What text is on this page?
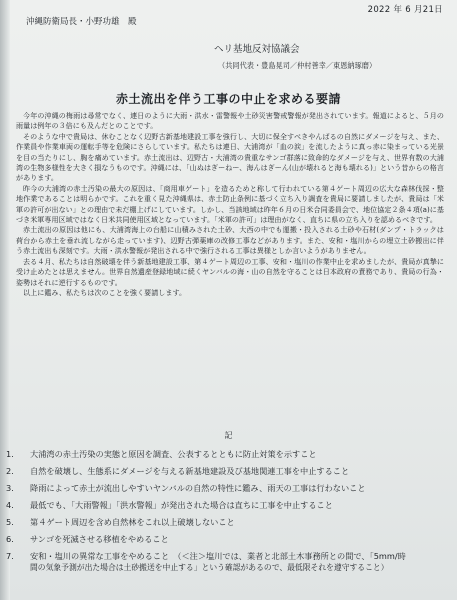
2022 年 6 月21日
沖縄防衛局長・小野功雄　殿
ヘリ基地反対協議会
（共同代表・豊島晃司／仲村善幸／東恩納琢磨）
赤土流出を伴う工事の中止を求める要請

今年の沖縄の梅雨は尋常でなく、連日のように大雨・洪水・雷警報や土砂災害警戒警報が発出されています。報道によると、５月の雨量は例年の３倍にも及んだとのことです。

そのような中で貴局は、休むことなく辺野古新基地建設工事を強行し、大切に保全すべきやんばるの自然にダメージを与え、また、作業員や作業車両の運転手等を危険にさらしています。私たちは連日、大浦湾が「血の涙」を流したように真っ赤に染まっている光景を目の当たりにし、胸を痛めています。赤土流出は、辺野古・大浦湾の貴重なサンゴ群落に致命的なダメージを与え、世界有数の大浦湾の生物多様性を大きく損なうものです。沖縄には、「山ぬはぎーねー、海んはぎーん(山が壊れると海も壊れる)」という昔からの格言があります。

昨今の大浦湾の赤土汚染の最大の原因は、「商用車ゲート」を造るためと称して行われている第４ゲート周辺の広大な森林伐採・整地作業であることは明らかです。これを重く見た沖縄県は、赤土防止条例に基づく立ち入り調査を貴局に要請しましたが、貴局は「米軍の許可が出ない」との理由で未だ棚上げにしています。しかし、当該地域は昨年６月の日米合同委員会で、地位協定２条４項(a)に基づき米軍専用区域ではなく日米共同使用区域となっています。「米軍の許可」は理由がなく、直ちに県の立ち入りを認めるべきです。

赤土流出の原因は他にも、大浦湾海上の台船に山積みされた土砂、大西の中でも運搬・投入される土砂や石材(ダンプ・トラックは荷台から赤土を垂れ流しながら走っています)、辺野古弾薬庫の改修工事などがあります。また、安和・塩川からの埋立土砂搬出に伴う赤土流出も深刻です。大雨・洪水警報が発出される中で強行される工事は異様としか言いようがありません。

去る４月、私たちは自然破壊を伴う新基地建設工事、第４ゲート周辺の工事、安和・塩川の作業中止を求めましたが、貴局が真摯に受け止めたとは思えません。世界自然遺産登録地域に続くヤンバルの海・山の自然を守ることは日本政府の責務であり、貴局の行為・姿勢はそれに逆行するものです。

以上に鑑み、私たちは次のことを強く要請します。

記
1.	大浦湾の赤土汚染の実態と原因を調査、公表するとともに防止対策を示すこと
2.	自然を破壊し、生態系にダメージを与える新基地建設及び基地関連工事を中止すること
3.	降雨によって赤土が流出しやすいヤンバルの自然の特性に鑑み、雨天の工事は行わないこと
4.	最低でも、「大雨警報」「洪水警報」が発出された場合は直ちに工事を中止すること
5.	第４ゲート周辺を含め自然林をこれ以上破壊しないこと
6.	サンゴを死滅させる移植をやめること
7.	安和・塩川の異常な工事をやめること　（＜注＞塩川では、業者と北部土木事務所との間で、「5mm/時
間の気象予測が出た場合は土砂搬送を中止する」という確認があるので、最低限それを遵守すること）
